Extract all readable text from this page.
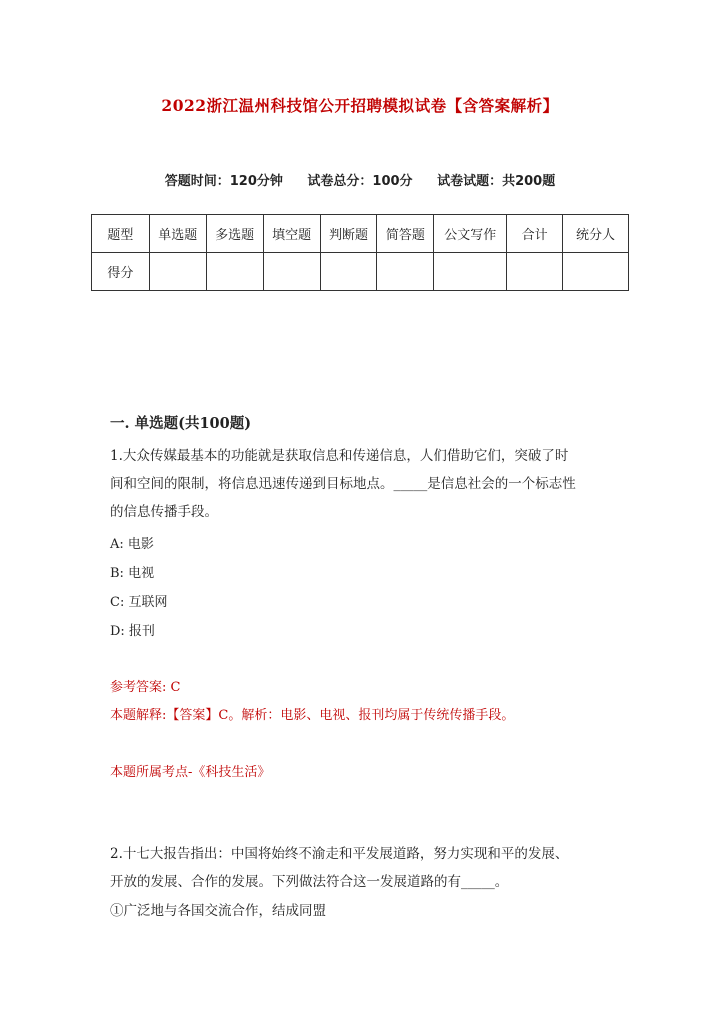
2022浙江温州科技馆公开招聘模拟试卷【含答案解析】
答题时间：120分钟 试卷总分：100分 试卷试题：共200题
题型	单选题	多选题	填空题	判断题	简答题	公文写作	合计	统分人
得分								
一. 单选题(共100题)
1.大众传媒最基本的功能就是获取信息和传递信息，人们借助它们，突破了时
间和空间的限制，将信息迅速传递到目标地点。_____是信息社会的一个标志性
的信息传播手段。
A: 电影
B: 电视
C: 互联网
D: 报刊
参考答案: C
本题解释:【答案】C。解析：电影、电视、报刊均属于传统传播手段。
本题所属考点-《科技生活》
2.十七大报告指出：中国将始终不渝走和平发展道路，努力实现和平的发展、
开放的发展、合作的发展。下列做法符合这一发展道路的有_____。
①广泛地与各国交流合作，结成同盟
